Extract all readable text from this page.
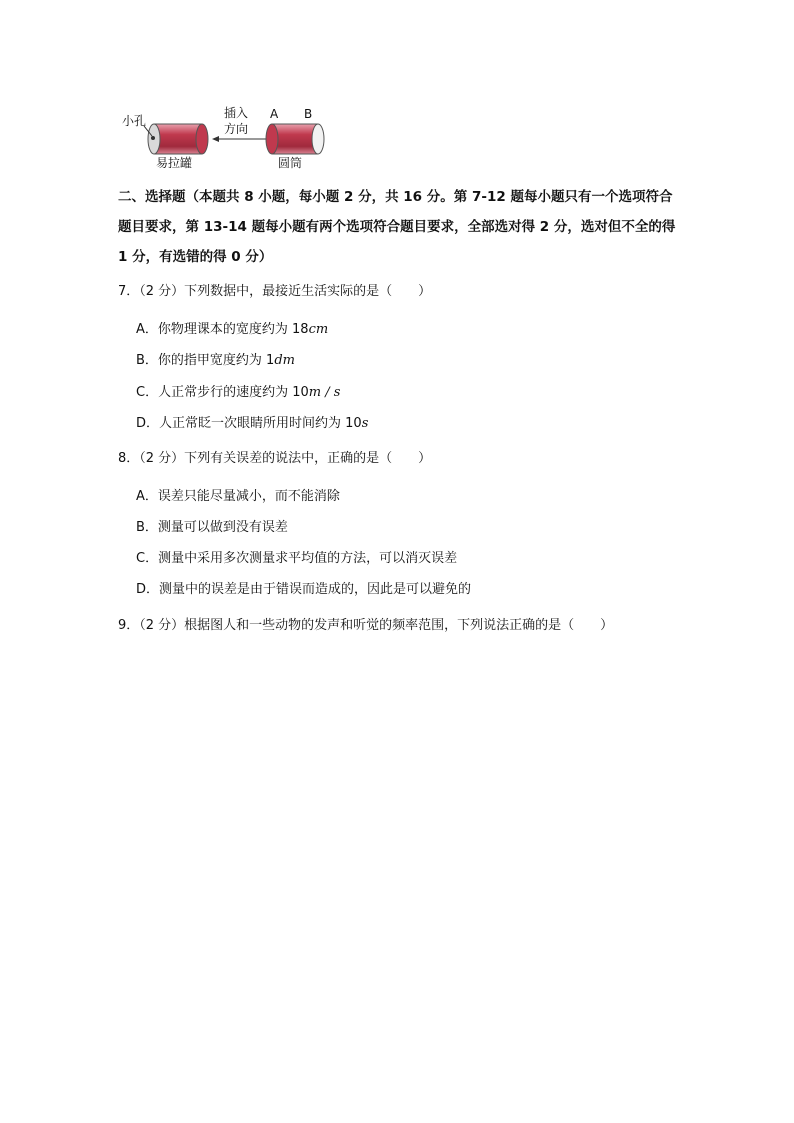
小孔
插入
方向
A B
易拉罐	圆筒
二、选择题（本题共 8 小题，每小题 2 分，共 16 分。第 7-12 题每小题只有一个选项符合题目要求，第 13-14 题每小题有两个选项符合题目要求，全部选对得 2 分，选对但不全的得 1 分，有选错的得 0 分）
7．（2 分）下列数据中，最接近生活实际的是（　　）
A．你物理课本的宽度约为 18cm
B．你的指甲宽度约为 1dm
C．人正常步行的速度约为 10m / s
D．人正常眨一次眼睛所用时间约为 10s
8．（2 分）下列有关误差的说法中，正确的是（　　）
A．误差只能尽量减小，而不能消除
B．测量可以做到没有误差
C．测量中采用多次测量求平均值的方法，可以消灭误差
D．测量中的误差是由于错误而造成的，因此是可以避免的
9．（2 分）根据图人和一些动物的发声和听觉的频率范围，下列说法正确的是（　　）
